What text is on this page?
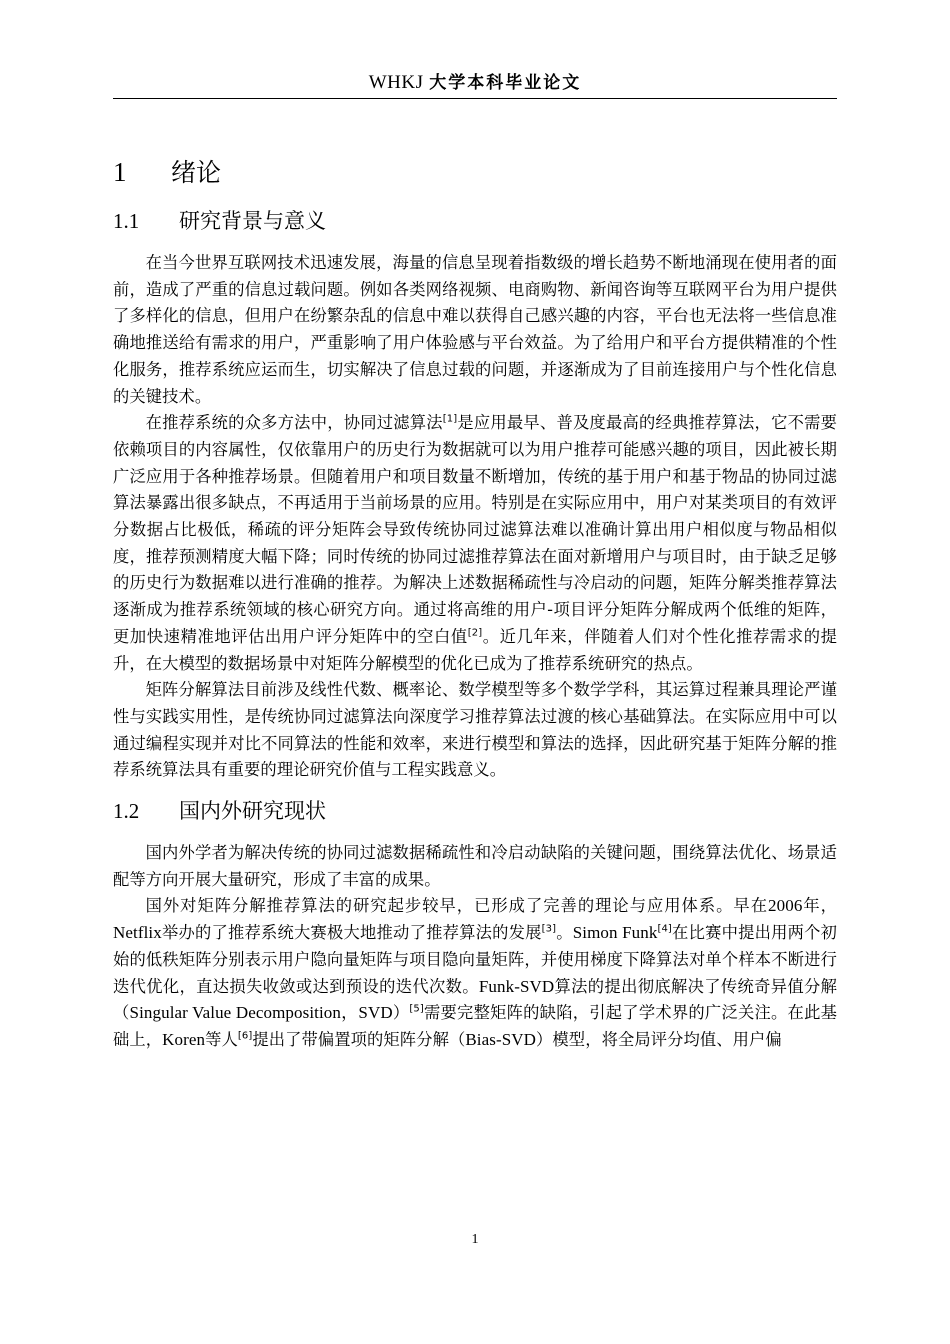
WHKJ 大学本科毕业论文
1 绪论
1.1 研究背景与意义

在当今世界互联网技术迅速发展，海量的信息呈现着指数级的增长趋势不断地涌现在使用者的面前，造成了严重的信息过载问题。例如各类网络视频、电商购物、新闻咨询等互联网平台为用户提供了多样化的信息，但用户在纷繁杂乱的信息中难以获得自己感兴趣的内容，平台也无法将一些信息准确地推送给有需求的用户，严重影响了用户体验感与平台效益。为了给用户和平台方提供精准的个性化服务，推荐系统应运而生，切实解决了信息过载的问题，并逐渐成为了目前连接用户与个性化信息的关键技术。

在推荐系统的众多方法中，协同过滤算法[1]是应用最早、普及度最高的经典推荐算法，它不需要依赖项目的内容属性，仅依靠用户的历史行为数据就可以为用户推荐可能感兴趣的项目，因此被长期广泛应用于各种推荐场景。但随着用户和项目数量不断增加，传统的基于用户和基于物品的协同过滤算法暴露出很多缺点，不再适用于当前场景的应用。特别是在实际应用中，用户对某类项目的有效评分数据占比极低，稀疏的评分矩阵会导致传统协同过滤算法难以准确计算出用户相似度与物品相似度，推荐预测精度大幅下降；同时传统的协同过滤推荐算法在面对新增用户与项目时，由于缺乏足够的历史行为数据难以进行准确的推荐。为解决上述数据稀疏性与冷启动的问题，矩阵分解类推荐算法逐渐成为推荐系统领域的核心研究方向。通过将高维的用户-项目评分矩阵分解成两个低维的矩阵，更加快速精准地评估出用户评分矩阵中的空白值[2]。近几年来，伴随着人们对个性化推荐需求的提升，在大模型的数据场景中对矩阵分解模型的优化已成为了推荐系统研究的热点。

矩阵分解算法目前涉及线性代数、概率论、数学模型等多个数学学科，其运算过程兼具理论严谨性与实践实用性，是传统协同过滤算法向深度学习推荐算法过渡的核心基础算法。在实际应用中可以通过编程实现并对比不同算法的性能和效率，来进行模型和算法的选择，因此研究基于矩阵分解的推荐系统算法具有重要的理论研究价值与工程实践意义。

1.2 国内外研究现状

国内外学者为解决传统的协同过滤数据稀疏性和冷启动缺陷的关键问题，围绕算法优化、场景适配等方向开展大量研究，形成了丰富的成果。

国外对矩阵分解推荐算法的研究起步较早，已形成了完善的理论与应用体系。早在2006年，Netflix举办的了推荐系统大赛极大地推动了推荐算法的发展[3]。Simon Funk[4]在比赛中提出用两个初始的低秩矩阵分别表示用户隐向量矩阵与项目隐向量矩阵，并使用梯度下降算法对单个样本不断进行迭代优化，直达损失收敛或达到预设的迭代次数。Funk-SVD算法的提出彻底解决了传统奇异值分解（Singular Value Decomposition，SVD）[5]需要完整矩阵的缺陷，引起了学术界的广泛关注。在此基础上，Koren等人[6]提出了带偏置项的矩阵分解（Bias-SVD）模型，将全局评分均值、用户偏

1
